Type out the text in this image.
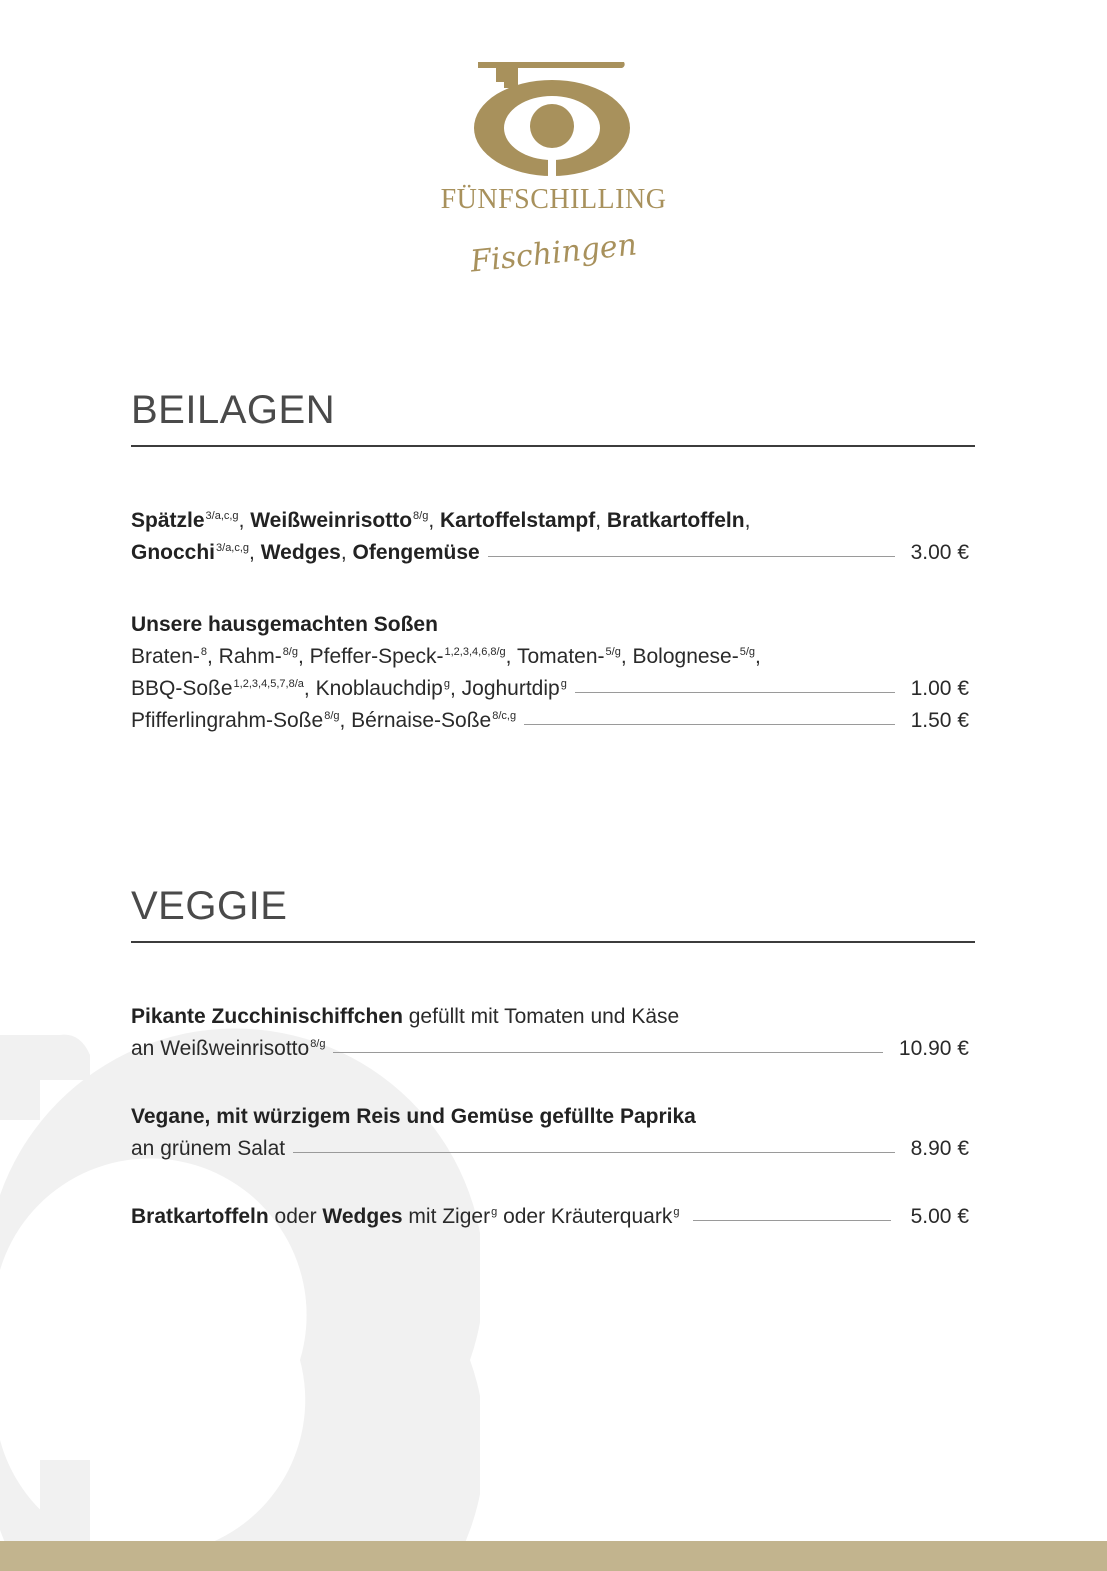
FÜNFSCHILLING
Fischingen
BEILAGEN
Spätzle$^{3/a,c,g}$, Weißweinrisotto$^{8/g}$, Kartoffelstampf, Bratkartoffeln,
Gnocchi$^{3/a,c,g}$, Wedges, Ofengemüse	3.00 €
Unsere hausgemachten Soßen
Braten-$^8$, Rahm-$^{8/g}$, Pfeffer-Speck-$^{1,2,3,4,6,8/g}$, Tomaten-$^{5/g}$, Bolognese-$^{5/g}$,
BBQ-Soße$^{1,2,3,4,5,7,8/a}$, Knoblauchdip$^g$, Joghurtdip$^g$	1.00 €
Pfifferlingrahm-Soße$^{8/g}$, Bérnaise-Soße$^{8/c,g}$	1.50 €
VEGGIE
Pikante Zucchinischiffchen gefüllt mit Tomaten und Käse
an Weißweinrisotto$^{8/g}$	10.90 €
Vegane, mit würzigem Reis und Gemüse gefüllte Paprika
an grünem Salat	8.90 €
Bratkartoffeln oder Wedges mit Ziger$^g$ oder Kräuterquark$^g$	5.00 €
